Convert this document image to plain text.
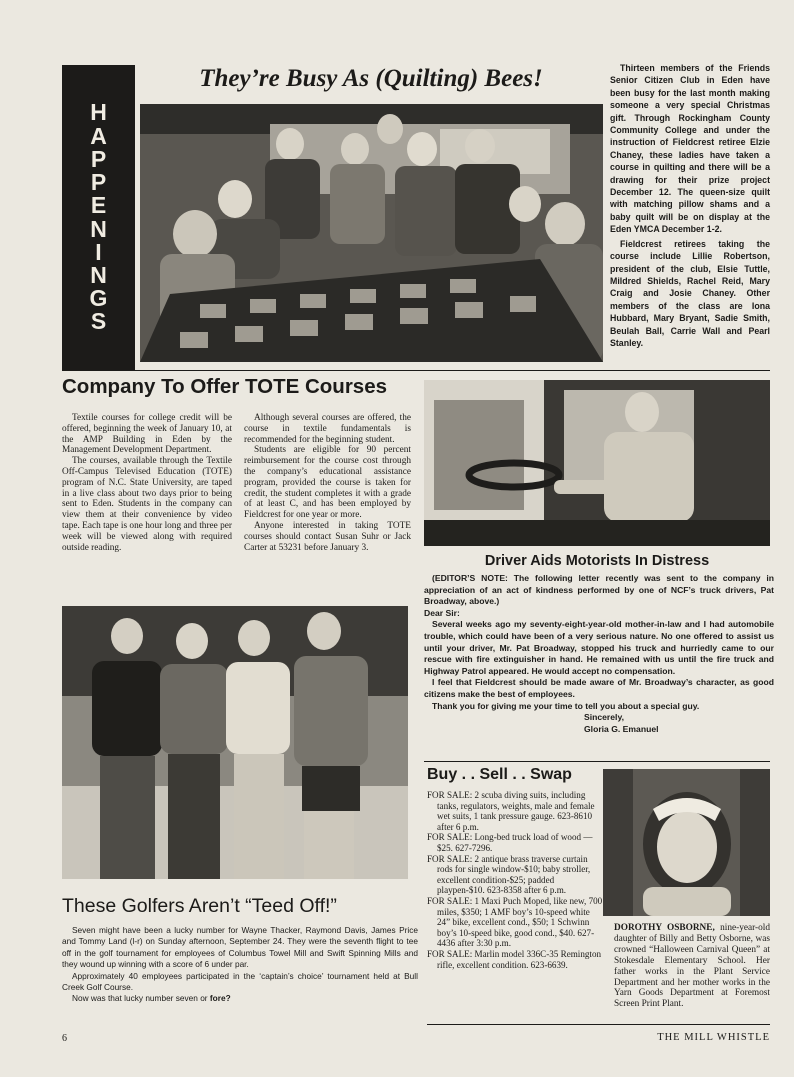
H
A
P
P
E
N
I
N
G
S
They’re Busy As (Quilting) Bees!	Thirteen members of the Friends Senior Citizen Club in Eden have been busy for the last month making someone a very special Christmas gift. Through Rockingham County Community College and under the instruction of Fieldcrest retiree Elzie Chaney, these ladies have taken a course in quilting and there will be a drawing for their prize project December 12. The queen-size quilt with matching pillow shams and a baby quilt will be on display at the Eden YMCA December 1-2.

Fieldcrest retirees taking the course include Lillie Robertson, president of the club, Elsie Tuttle, Mildred Shields, Rachel Reid, Mary Craig and Josie Chaney. Other members of the class are Iona Hubbard, Mary Bryant, Sadie Smith, Beulah Ball, Carrie Wall and Pearl Stanley.

Company To Offer TOTE Courses

Textile courses for college credit will be offered, beginning the week of January 10, at the AMP Building in Eden by the Management Development Department.

The courses, available through the Textile Off-Campus Televised Education (TOTE) program of N.C. State University, are taped in a live class about two days prior to being sent to Eden. Students in the company can view them at their convenience by video tape. Each tape is one hour long and three per week will be viewed along with required outside reading.

Although several courses are offered, the course in textile fundamentals is recommended for the beginning student.

Students are eligible for 90 percent reimbursement for the course cost through the company’s educational assistance program, provided the course is taken for credit, the student completes it with a grade of at least C, and has been employed by Fieldcrest for one year or more.

Anyone interested in taking TOTE courses should contact Susan Suhr or Jack Carter at 53231 before January 3.

Driver Aids Motorists In Distress

(EDITOR’S NOTE: The following letter recently was sent to the company in appreciation of an act of kindness performed by one of NCF’s truck drivers, Pat Broadway, above.)

Dear Sir:

Several weeks ago my seventy-eight-year-old mother-in-law and I had automobile trouble, which could have been of a very serious nature. No one offered to assist us until your driver, Mr. Pat Broadway, stopped his truck and hurriedly came to our rescue with fire extinguisher in hand. He remained with us until the fire truck and Highway Patrol appeared. He would accept no compensation.

I feel that Fieldcrest should be made aware of Mr. Broadway’s character, as good citizens make the best of employees.

Thank you for giving me your time to tell you about a special guy.

Sincerely,

Gloria G. Emanuel

These Golfers Aren’t “Teed Off!”

Seven might have been a lucky number for Wayne Thacker, Raymond Davis, James Price and Tommy Land (l-r) on Sunday afternoon, September 24. They were the seventh flight to tee off in the golf tournament for employees of Columbus Towel Mill and Swift Spinning Mills and they wound up winning with a score of 6 under par.

Approximately 40 employees participated in the ‘captain’s choice’ tournament held at Bull Creek Golf Course.

Now was that lucky number seven or fore?

Buy . . Sell . . Swap

FOR SALE: 2 scuba diving suits, including tanks, regulators, weights, male and female wet suits, 1 tank pressure gauge. 623-8610 after 6 p.m.

FOR SALE: Long-bed truck load of wood — $25. 627-7296.

FOR SALE: 2 antique brass traverse curtain rods for single window-$10; baby stroller, excellent condition-$25; padded playpen-$10. 623-8358 after 6 p.m.

FOR SALE: 1 Maxi Puch Moped, like new, 700 miles, $350; 1 AMF boy’s 10-speed white 24” bike, excellent cond., $50; 1 Schwinn boy’s 10-speed bike, good cond., $40. 627-4436 after 3:30 p.m.

FOR SALE: Marlin model 336C-35 Remington rifle, excellent condition. 623-6639.

DOROTHY OSBORNE, nine-year-old daughter of Billy and Betty Osborne, was crowned “Halloween Carnival Queen” at Stokesdale Elementary School. Her father works in the Plant Service Department and her mother works in the Yarn Goods Department at Foremost Screen Print Plant.
6	THE MILL WHISTLE
